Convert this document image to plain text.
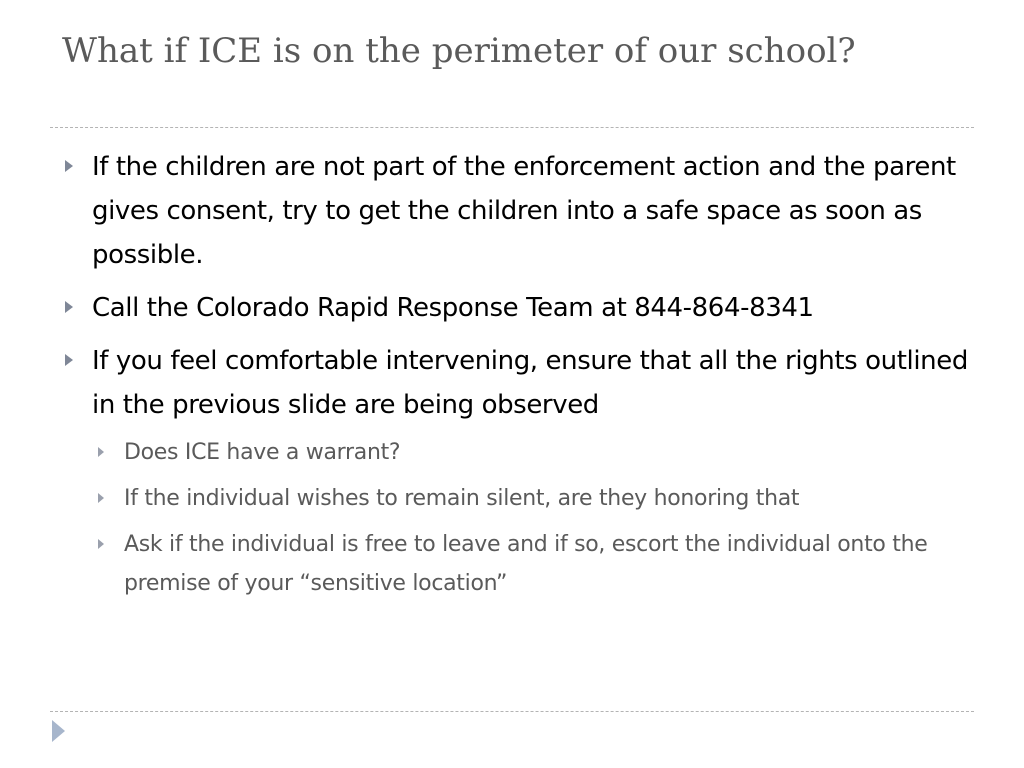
What if ICE is on the perimeter of our school?
If the children are not part of the enforcement action and the parent gives consent, try to get the children into a safe space as soon as possible.
Call the Colorado Rapid Response Team at 844-864-8341
If you feel comfortable intervening, ensure that all the rights outlined in the previous slide are being observed
Does ICE have a warrant?
If the individual wishes to remain silent, are they honoring that
Ask if the individual is free to leave and if so, escort the individual onto the premise of your “sensitive location”
